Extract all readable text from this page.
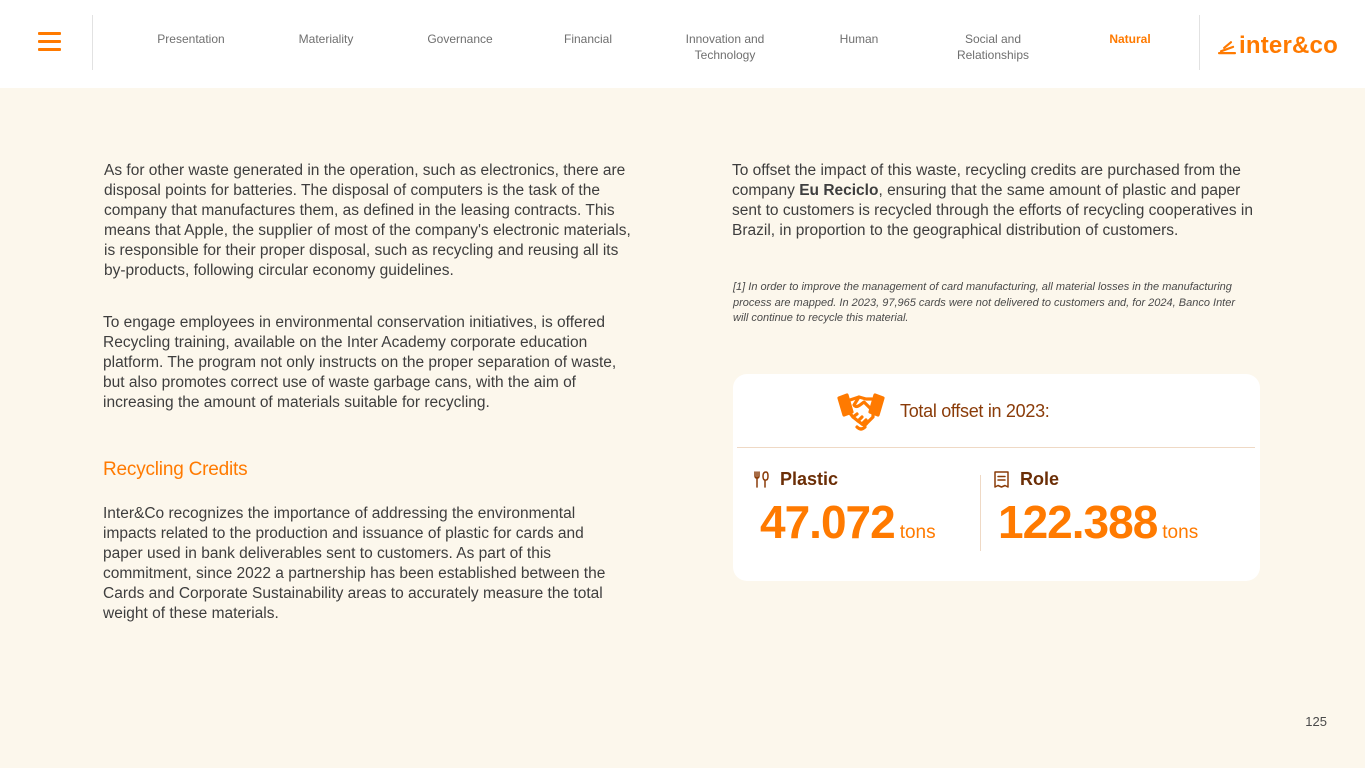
Presentation	Materiality	Governance	Financial	Innovation and
Technology
Human	Social and
Relationships
Natural	inter&co

As for other waste generated in the operation, such as electronics, there are disposal points for batteries. The disposal of computers is the task of the company that manufactures them, as defined in the leasing contracts. This means that Apple, the supplier of most of the company's electronic materials, is responsible for their proper disposal, such as recycling and reusing all its by-products, following circular economy guidelines.

To engage employees in environmental conservation initiatives, is offered Recycling training, available on the Inter Academy corporate education platform. The program not only instructs on the proper separation of waste, but also promotes correct use of waste garbage cans, with the aim of increasing the amount of materials suitable for recycling.

Recycling Credits

Inter&Co recognizes the importance of addressing the environmental impacts related to the production and issuance of plastic for cards and paper used in bank deliverables sent to customers. As part of this commitment, since 2022 a partnership has been established between the Cards and Corporate Sustainability areas to accurately measure the total weight of these materials.

To offset the impact of this waste, recycling credits are purchased from the company Eu Reciclo, ensuring that the same amount of plastic and paper sent to customers is recycled through the efforts of recycling cooperatives in Brazil, in proportion to the geographical distribution of customers.

[1] In order to improve the management of card manufacturing, all material losses in the manufacturing process are mapped. In 2023, 97,965 cards were not delivered to customers and, for 2024, Banco Inter will continue to recycle this material.

Total offset in 2023:
Plastic
47.072 tons
Role
122.388 tons
125
